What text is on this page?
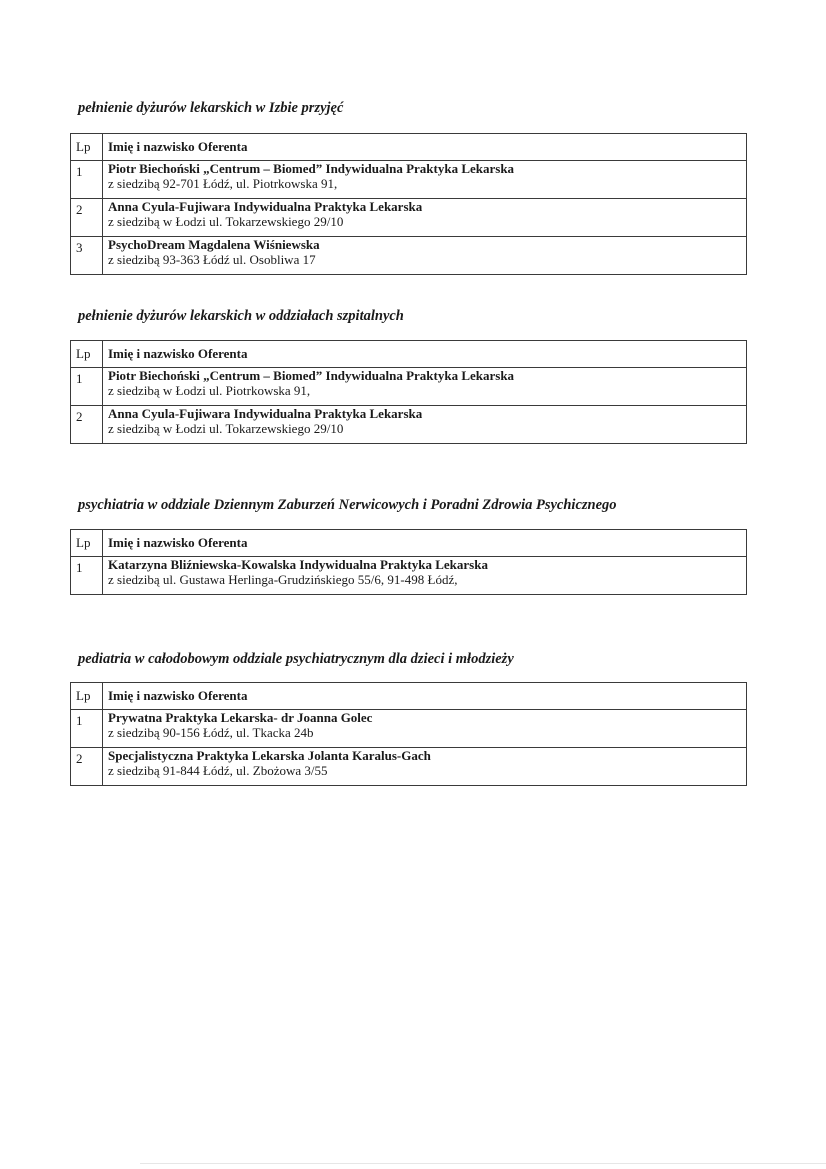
pełnienie dyżurów lekarskich w Izbie przyjęć
Lp	Imię i nazwisko Oferenta
1	Piotr Biechoński „Centrum – Biomed” Indywidualna Praktyka Lekarska
z siedzibą 92-701 Łódź, ul. Piotrkowska 91,

2	Anna Cyula-Fujiwara Indywidualna Praktyka Lekarska
z siedzibą w Łodzi ul. Tokarzewskiego 29/10

3	PsychoDream Magdalena Wiśniewska
z siedzibą 93-363 Łódź ul. Osobliwa 17
pełnienie dyżurów lekarskich w oddziałach szpitalnych
Lp	Imię i nazwisko Oferenta
1	Piotr Biechoński „Centrum – Biomed” Indywidualna Praktyka Lekarska
z siedzibą w Łodzi ul. Piotrkowska 91,

2	Anna Cyula-Fujiwara Indywidualna Praktyka Lekarska
z siedzibą w Łodzi ul. Tokarzewskiego 29/10
psychiatria w oddziale Dziennym Zaburzeń Nerwicowych i Poradni Zdrowia Psychicznego
Lp	Imię i nazwisko Oferenta
1	Katarzyna Bliźniewska-Kowalska Indywidualna Praktyka Lekarska
z siedzibą ul. Gustawa Herlinga-Grudzińskiego 55/6, 91-498 Łódź,
pediatria w całodobowym oddziale psychiatrycznym dla dzieci i młodzieży
Lp	Imię i nazwisko Oferenta
1	Prywatna Praktyka Lekarska- dr Joanna Golec
z siedzibą 90-156 Łódź, ul. Tkacka 24b

2	Specjalistyczna Praktyka Lekarska Jolanta Karalus-Gach
z siedzibą 91-844 Łódź, ul. Zbożowa 3/55
